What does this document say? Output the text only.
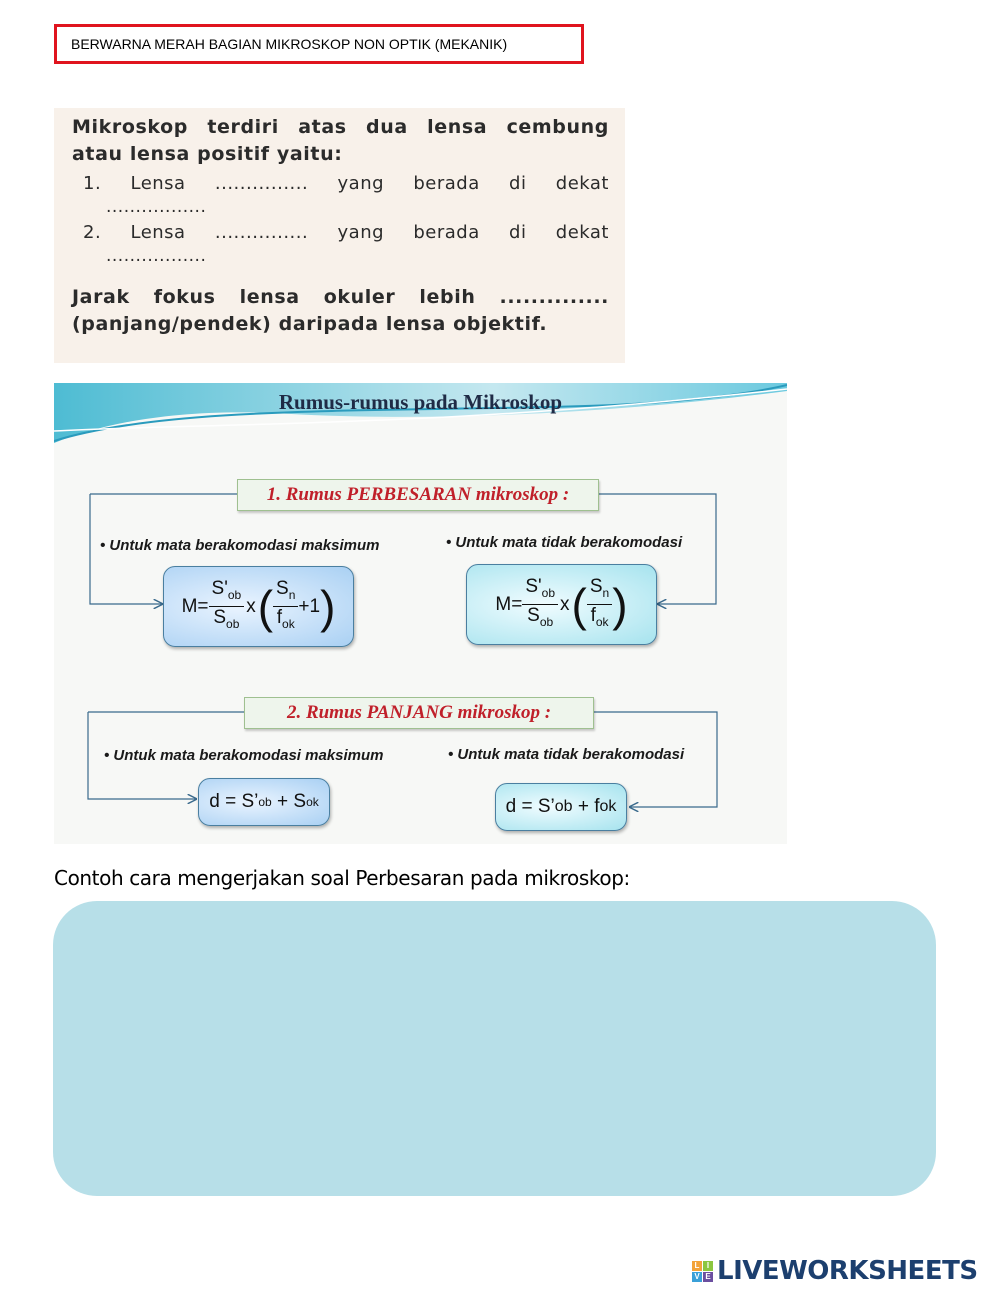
BERWARNA MERAH BAGIAN MIKROSKOP NON OPTIK (MEKANIK)
Mikroskop terdiri atas dua lensa cembung
atau lensa positif yaitu:
1. Lensa ............... yang berada di dekat
.................
2. Lensa ............... yang berada di dekat
.................
Jarak fokus lensa okuler lebih ..............
(panjang/pendek) daripada lensa objektif.
Rumus-rumus pada Mikroskop
1. Rumus PERBESARAN mikroskop :
• Untuk mata berakomodasi maksimum	• Untuk mata tidak berakomodasi
$M = \frac{S'_{ob}}{S_{ob}}$ x ( $\frac{S_n}{f_{ok}} +1$ )	$M = \frac{S'_{ob}}{S_{ob}}$ x ( $\frac{S_n}{f_{ok}}$ )
2. Rumus PANJANG mikroskop :
• Untuk mata berakomodasi maksimum	• Untuk mata tidak berakomodasi
d = S’ ob + S ok	d = S’ ob + f ok
Contoh cara mengerjakan soal Perbesaran pada mikroskop:
L I
V E LIVEWORKSHEETS
